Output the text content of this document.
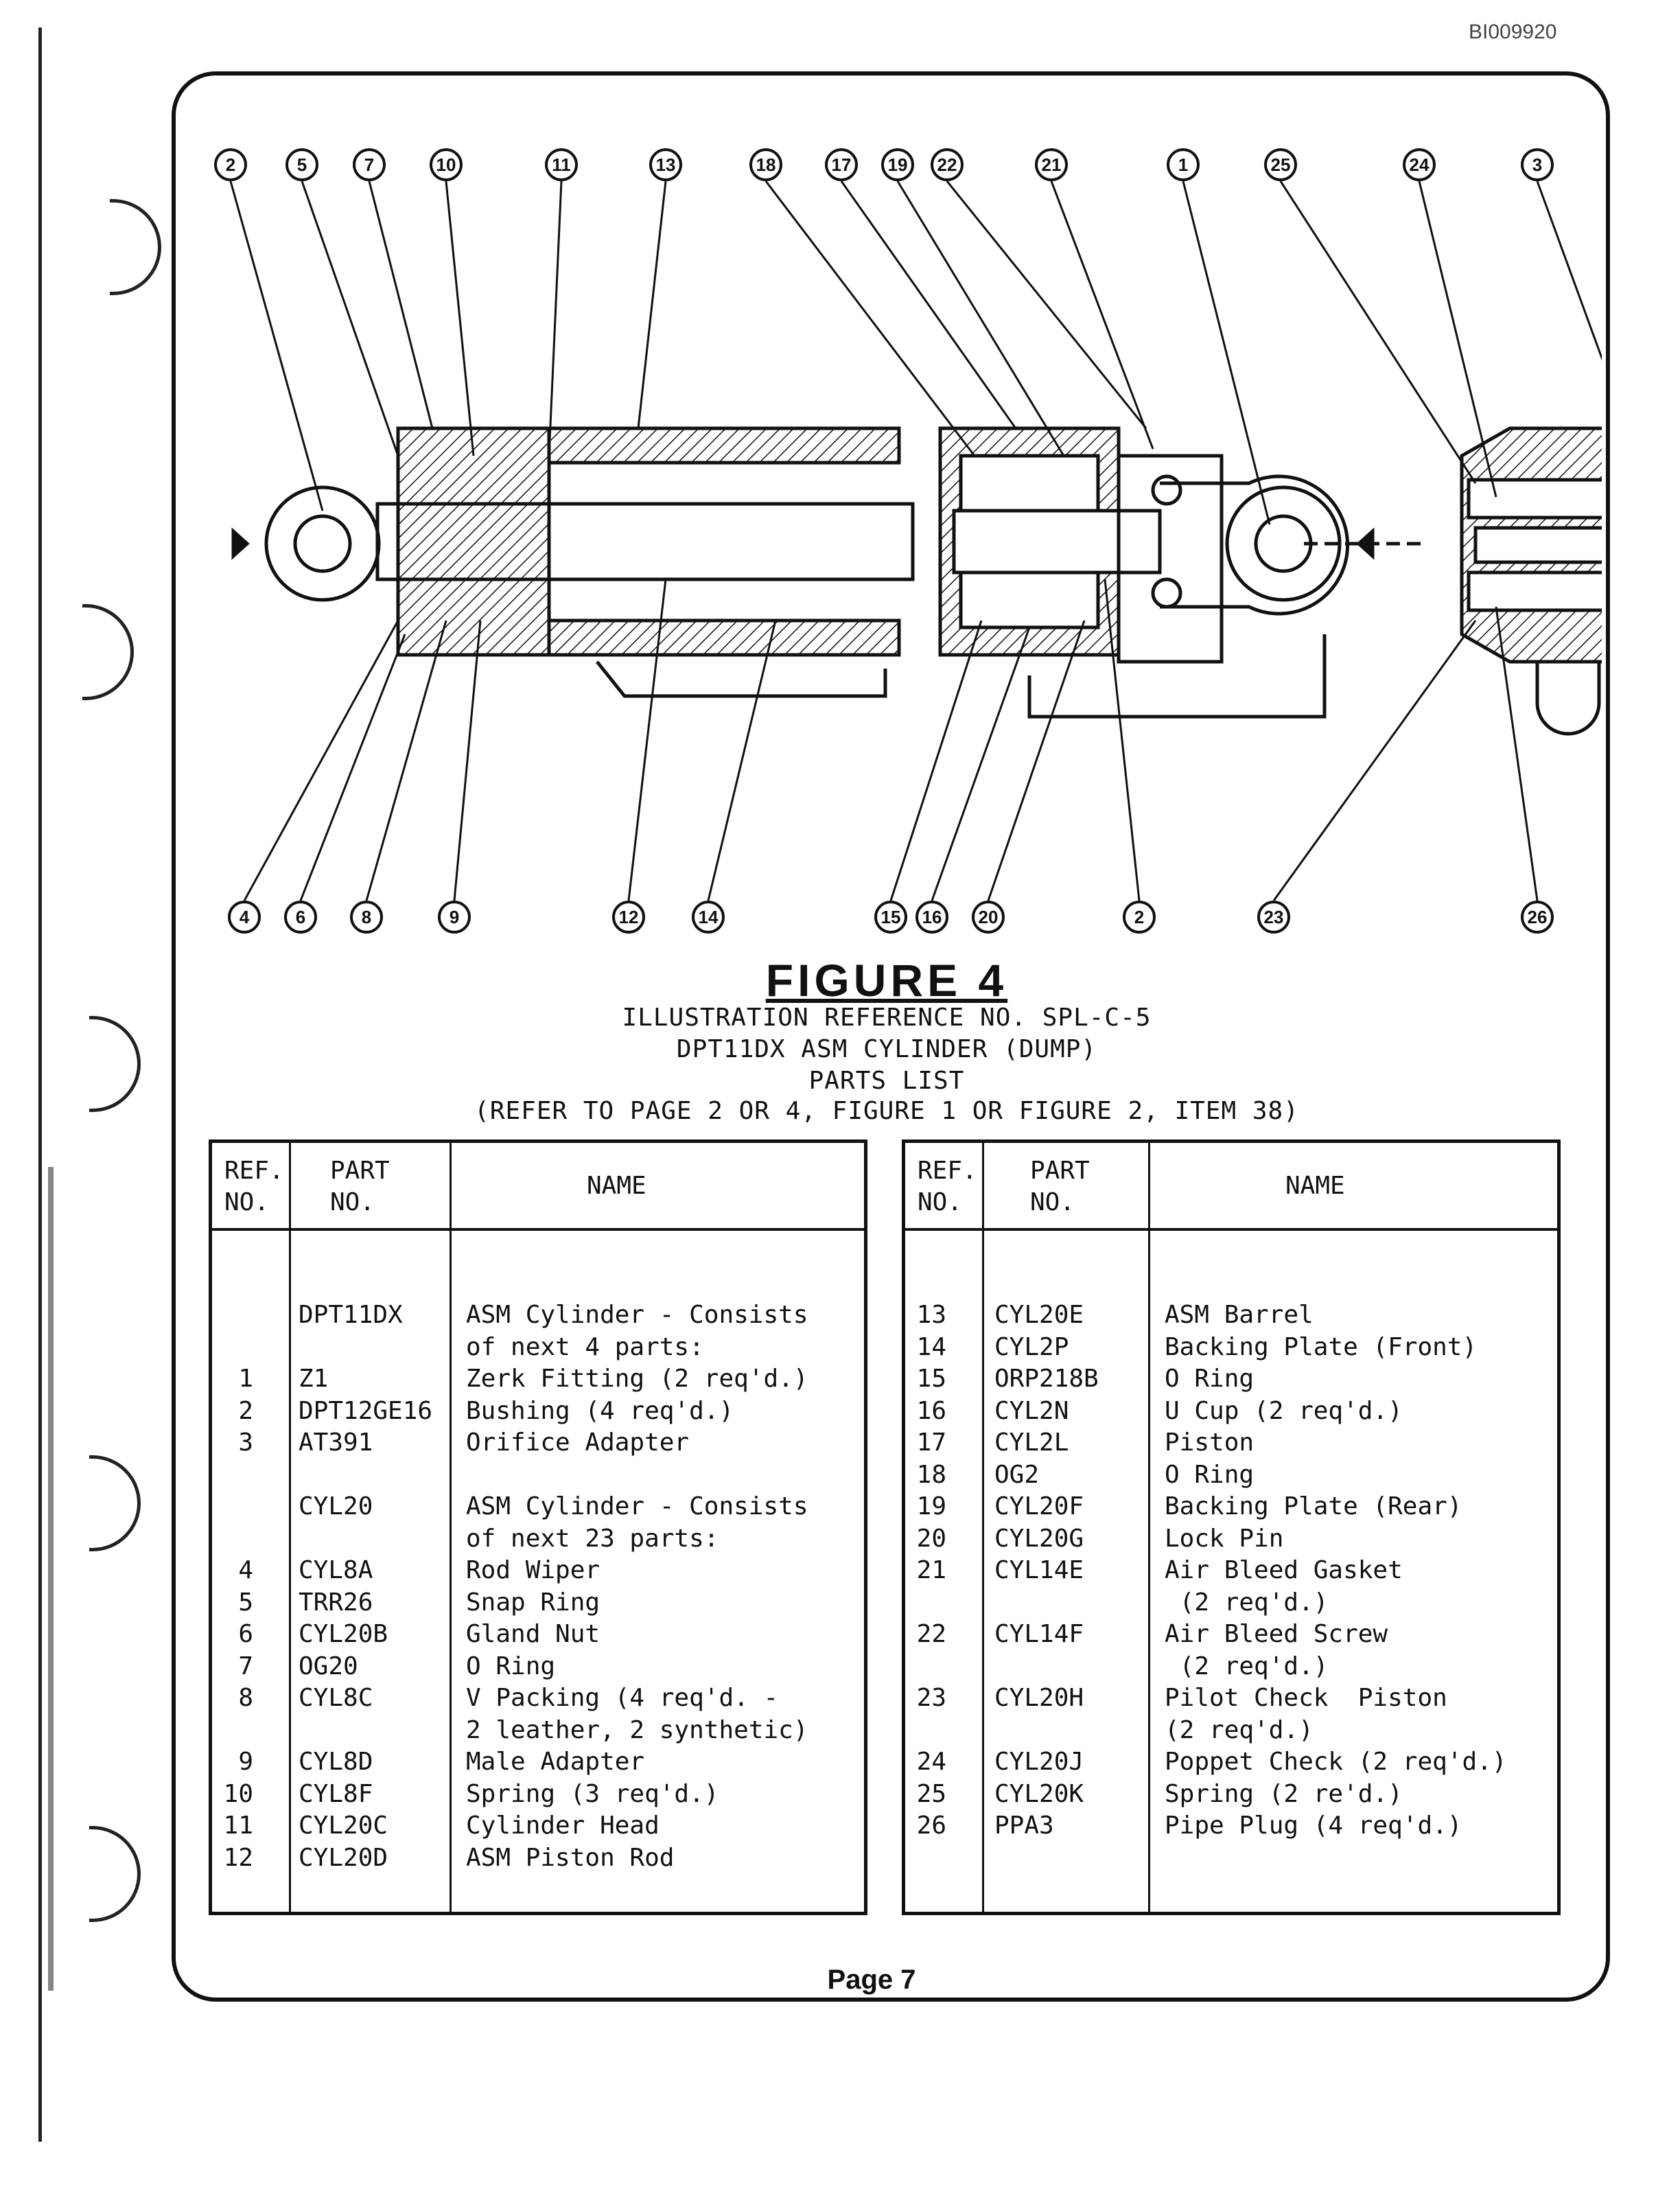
BI009920
2	5	7	10	11	13	18	17 19 22	21	1	25	24	3
4	6	8	9	12	14	15 16 20	2	23	26
FIGURE 4
ILLUSTRATION REFERENCE NO. SPL-C-5
DPT11DX ASM CYLINDER (DUMP)
PARTS LIST
(REFER TO PAGE 2 OR 4, FIGURE 1 OR FIGURE 2, ITEM 38)
REF.
NO.
PART
NO.
NAME
DPT11DX	ASM Cylinder - Consists
of next 4 parts:
1 Z1	Zerk Fitting (2 req'd.)
2 DPT12GE16 Bushing (4 req'd.)
3 AT391	Orifice Adapter
CYL20	ASM Cylinder - Consists
of next 23 parts:
4 CYL8A	Rod Wiper
5 TRR26	Snap Ring
6 CYL20B	Gland Nut
7 OG20	O Ring
8 CYL8C	V Packing (4 req'd. -
2 leather, 2 synthetic)
9 CYL8D	Male Adapter
10 CYL8F	Spring (3 req'd.)
11 CYL20C	Cylinder Head
12 CYL20D	ASM Piston Rod
REF.
NO.
PART
NO.
NAME
13 CYL20E	ASM Barrel
14 CYL2P	Backing Plate (Front)
15 ORP218B	O Ring
16 CYL2N	U Cup (2 req'd.)
17 CYL2L	Piston
18 OG2	O Ring
19 CYL20F	Backing Plate (Rear)
20 CYL20G	Lock Pin
21 CYL14E	Air Bleed Gasket
(2 req'd.)
22 CYL14F	Air Bleed Screw
(2 req'd.)
23 CYL20H	Pilot Check  Piston
(2 req'd.)
24 CYL20J	Poppet Check (2 req'd.)
25 CYL20K	Spring (2 re'd.)
26 PPA3	Pipe Plug (4 req'd.)
Page 7
